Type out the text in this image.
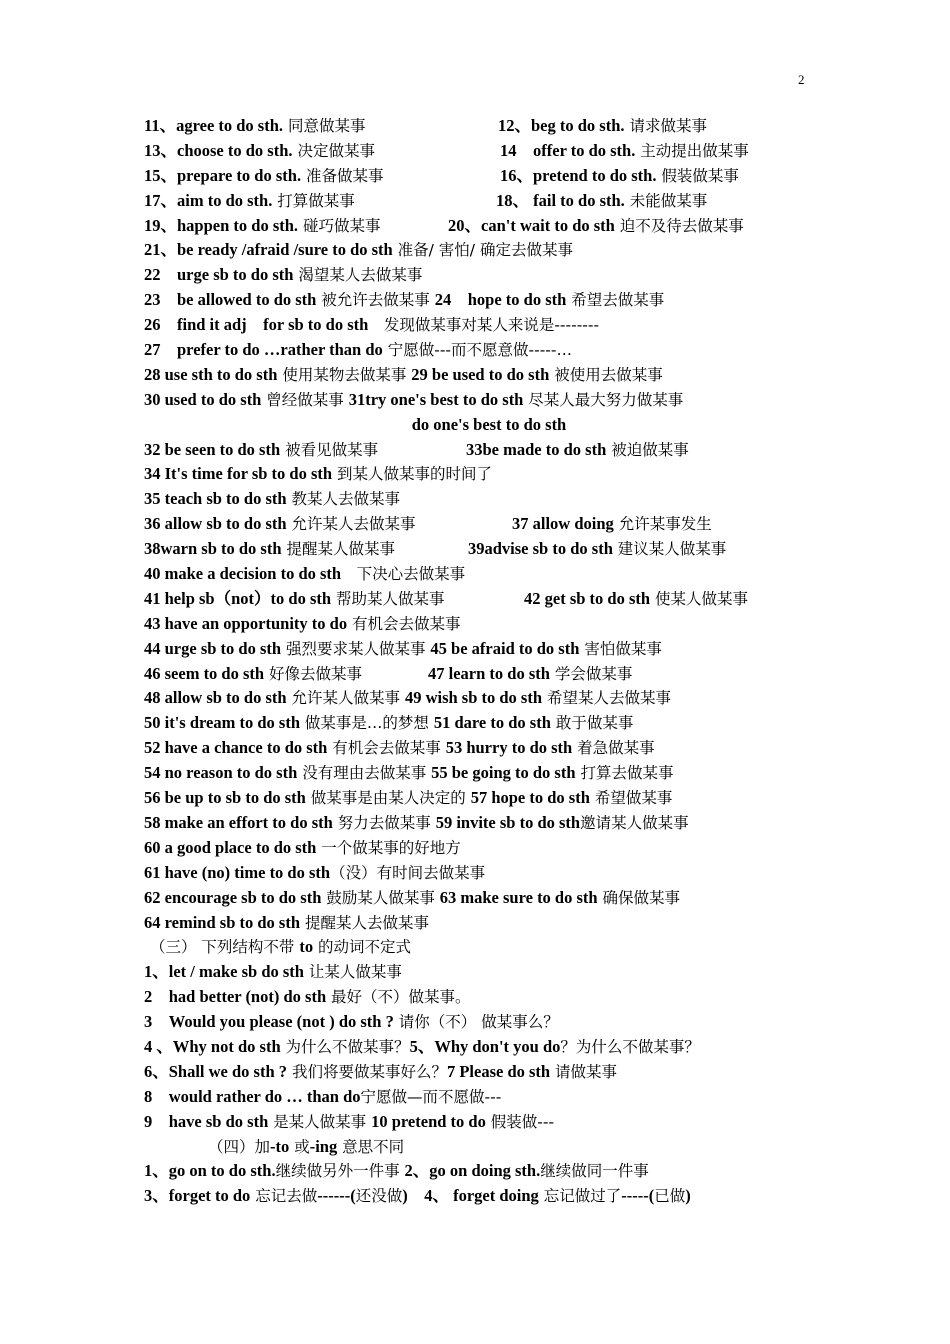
2
11、agree to do sth. 同意做某事	12、beg to do sth. 请求做某事
13、choose to do sth. 决定做某事	14　offer to do sth. 主动提出做某事
15、prepare to do sth. 准备做某事	16、pretend to do sth. 假装做某事
17、aim to do sth. 打算做某事	18、 fail to do sth. 未能做某事
19、happen to do sth. 碰巧做某事	20、can't wait to do sth 迫不及待去做某事
21、be ready /afraid /sure to do sth 准备/ 害怕/ 确定去做某事
22　urge sb to do sth 渴望某人去做某事
23　be allowed to do sth 被允许去做某事 24　hope to do sth 希望去做某事
26　find it adj　for sb to do sth　发现做某事对某人来说是--------
27　prefer to do …rather than do 宁愿做---而不愿意做-----…
28 use sth to do sth 使用某物去做某事 29 be used to do sth 被使用去做某事
30 used to do sth 曾经做某事 31try one's best to do sth 尽某人最大努力做某事
do one's best to do sth
32 be seen to do sth 被看见做某事	33be made to do sth 被迫做某事
34 It's time for sb to do sth 到某人做某事的时间了
35 teach sb to do sth 教某人去做某事
36 allow sb to do sth 允许某人去做某事	37 allow doing 允许某事发生
38warn sb to do sth 提醒某人做某事	39advise sb to do sth 建议某人做某事
40 make a decision to do sth　下决心去做某事
41 help sb（not）to do sth 帮助某人做某事	42 get sb to do sth 使某人做某事
43 have an opportunity to do 有机会去做某事
44 urge sb to do sth 强烈要求某人做某事 45 be afraid to do sth 害怕做某事
46 seem to do sth 好像去做某事	47 learn to do sth 学会做某事
48 allow sb to do sth 允许某人做某事 49 wish sb to do sth 希望某人去做某事
50 it's dream to do sth 做某事是…的梦想 51 dare to do sth 敢于做某事
52 have a chance to do sth 有机会去做某事 53 hurry to do sth 着急做某事
54 no reason to do sth 没有理由去做某事 55 be going to do sth 打算去做某事
56 be up to sb to do sth 做某事是由某人决定的 57 hope to do sth 希望做某事
58 make an effort to do sth 努力去做某事 59 invite sb to do sth邀请某人做某事
60 a good place to do sth 一个做某事的好地方
61 have (no) time to do sth（没）有时间去做某事
62 encourage sb to do sth 鼓励某人做某事 63 make sure to do sth 确保做某事
64 remind sb to do sth 提醒某人去做某事
（三） 下列结构不带 to 的动词不定式
1、let / make sb do sth 让某人做某事
2　had better (not) do sth 最好（不）做某事。
3　Would you please (not ) do sth ? 请你（不） 做某事么？
4 、Why not do sth 为什么不做某事？5、Why don't you do？为什么不做某事？
6、Shall we do sth ? 我们将要做某事好么？7 Please do sth 请做某事
8　would rather do … than do宁愿做—而不愿做---
9　have sb do sth 是某人做某事 10 pretend to do 假装做---
（四）加-to 或-ing 意思不同
1、go on to do sth.继续做另外一件事 2、go on doing sth.继续做同一件事
3、forget to do 忘记去做------(还没做)　4、 forget doing 忘记做过了-----(已做)
